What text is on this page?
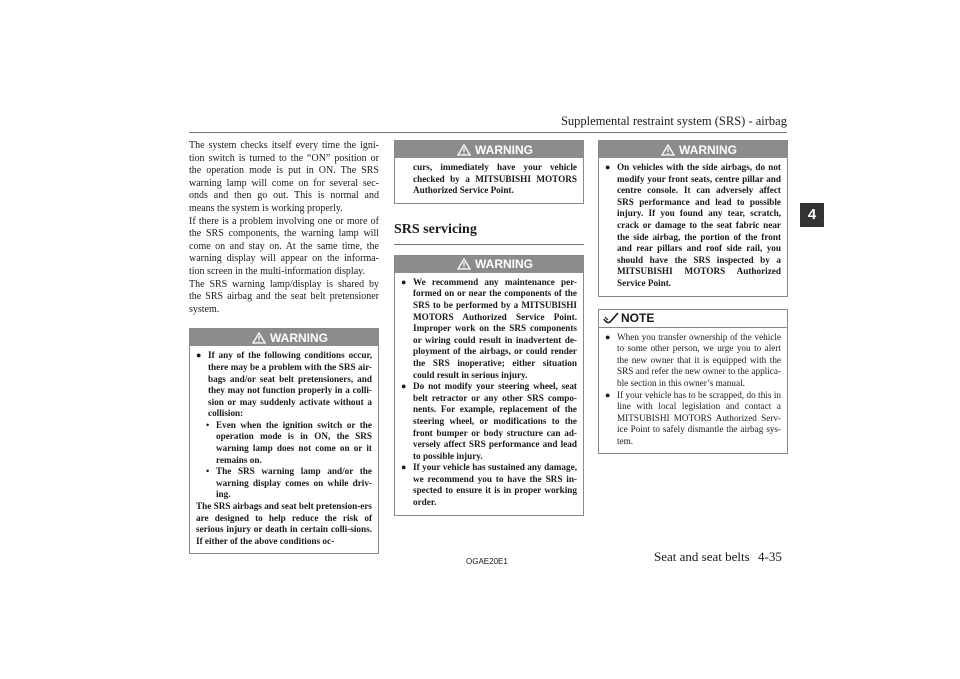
Supplemental restraint system (SRS) - airbag
4

The system checks itself every time the igni-tion switch is turned to the “ON” position or the operation mode is put in ON. The SRS warning lamp will come on for several sec-onds and then go out. This is normal and means the system is working properly.

If there is a problem involving one or more of the SRS components, the warning lamp will come on and stay on. At the same time, the warning display will appear on the informa-tion screen in the multi-information display.

The SRS warning lamp/display is shared by the SRS airbag and the seat belt pretensioner system.

WARNING

● If any of the following conditions occur, there may be a problem with the SRS air-bags and/or seat belt pretensioners, and they may not function properly in a colli-sion or may suddenly activate without a collision:

• Even when the ignition switch or the operation mode is in ON, the SRS warning lamp does not come on or it remains on.

• The SRS warning lamp and/or the warning display comes on while driv-ing.

The SRS airbags and seat belt pretension-ers are designed to help reduce the risk of serious injury or death in certain colli-sions. If either of the above conditions oc-

WARNING
curs, immediately have your vehicle checked by a MITSUBISHI MOTORS Authorized Service Point.
SRS servicing
WARNING

● We recommend any maintenance per-formed on or near the components of the SRS to be performed by a MITSUBISHI MOTORS Authorized Service Point. Improper work on the SRS components or wiring could result in inadvertent de-ployment of the airbags, or could render the SRS inoperative; either situation could result in serious injury.

● Do not modify your steering wheel, seat belt retractor or any other SRS compo-nents. For example, replacement of the steering wheel, or modifications to the front bumper or body structure can ad-versely affect SRS performance and lead to possible injury.

● If your vehicle has sustained any damage, we recommend you to have the SRS in-spected to ensure it is in proper working order.

WARNING

● On vehicles with the side airbags, do not modify your front seats, centre pillar and centre console. It can adversely affect SRS performance and lead to possible injury. If you found any tear, scratch, crack or damage to the seat fabric near the side airbag, the portion of the front and rear pillars and roof side rail, you should have the SRS inspected by a MITSUBISHI MOTORS Authorized Service Point.

NOTE

● When you transfer ownership of the vehicle to some other person, we urge you to alert the new owner that it is equipped with the SRS and refer the new owner to the applica-ble section in this owner’s manual.

● If your vehicle has to be scrapped, do this in line with local legislation and contact a MITSUBISHI MOTORS Authorized Serv-ice Point to safely dismantle the airbag sys-tem.

OGAE20E1	Seat and seat belts 4-35
